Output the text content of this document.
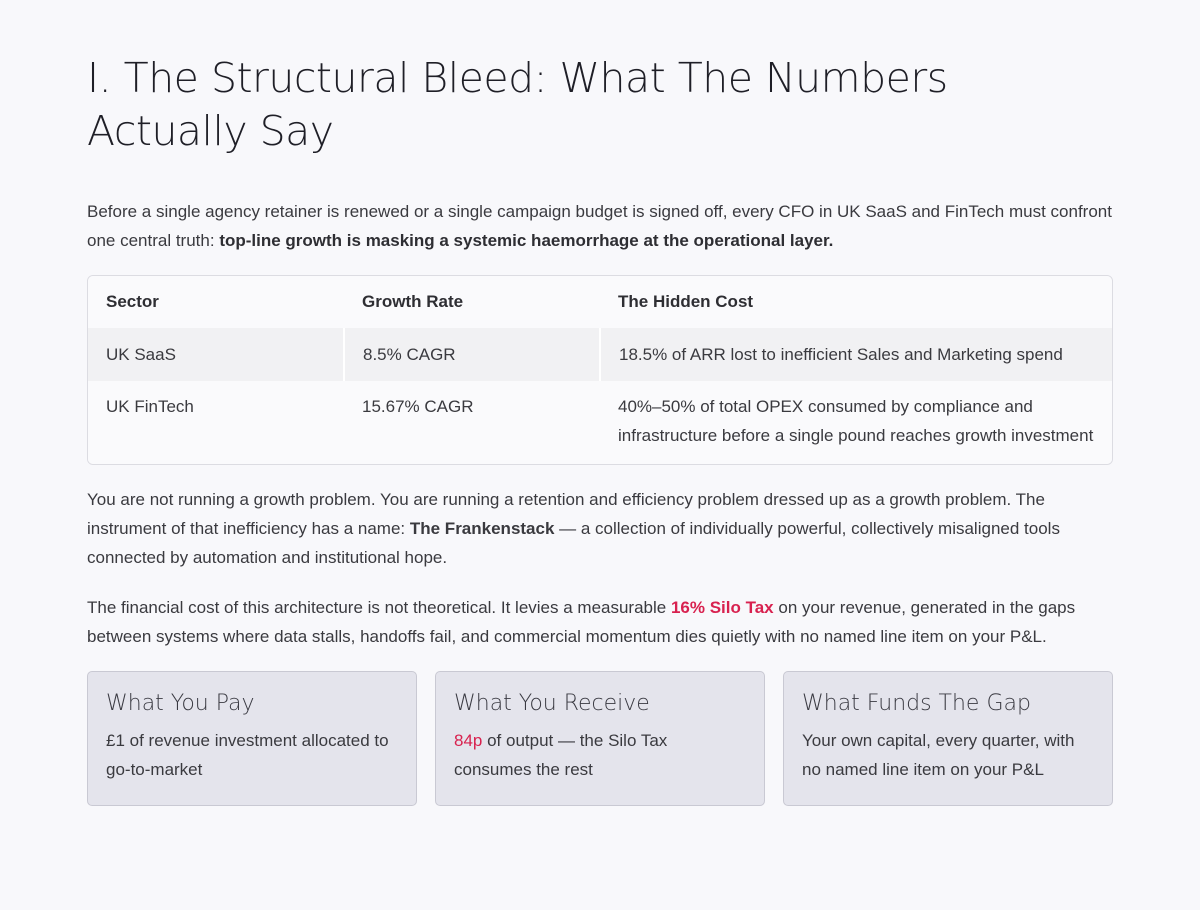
I. The Structural Bleed: What The Numbers Actually Say

Before a single agency retainer is renewed or a single campaign budget is signed off, every CFO in UK SaaS and FinTech must confront one central truth: top-line growth is masking a systemic haemorrhage at the operational layer.

Sector	Growth Rate	The Hidden Cost
UK SaaS	8.5% CAGR	18.5% of ARR lost to inefficient Sales and Marketing spend
UK FinTech	15.67% CAGR	40%–50% of total OPEX consumed by compliance and infrastructure before a single pound reaches growth investment

You are not running a growth problem. You are running a retention and efficiency problem dressed up as a growth problem. The instrument of that inefficiency has a name: The Frankenstack — a collection of individually powerful, collectively misaligned tools connected by automation and institutional hope.

The financial cost of this architecture is not theoretical. It levies a measurable 16% Silo Tax on your revenue, generated in the gaps between systems where data stalls, handoffs fail, and commercial momentum dies quietly with no named line item on your P&L.

What You Pay

£1 of revenue investment allocated to go-to-market

What You Receive

84p of output — the Silo Tax consumes the rest

What Funds The Gap

Your own capital, every quarter, with no named line item on your P&L
